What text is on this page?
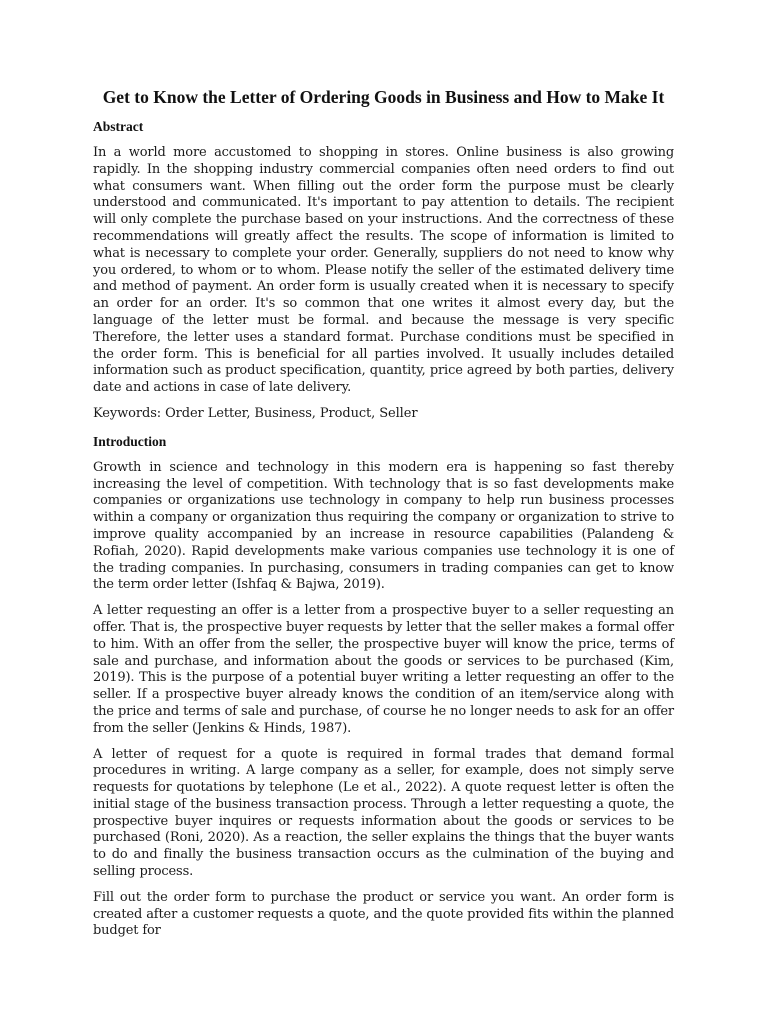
Get to Know the Letter of Ordering Goods in Business and How to Make It
Abstract

In a world more accustomed to shopping in stores. Online business is also growing rapidly. In the shopping industry commercial companies often need orders to find out what consumers want. When filling out the order form the purpose must be clearly understood and communicated. It's important to pay attention to details. The recipient will only complete the purchase based on your instructions. And the correctness of these recommendations will greatly affect the results. The scope of information is limited to what is necessary to complete your order. Generally, suppliers do not need to know why you ordered, to whom or to whom. Please notify the seller of the estimated delivery time and method of payment. An order form is usually created when it is necessary to specify an order for an order. It's so common that one writes it almost every day, but the language of the letter must be formal. and because the message is very specific Therefore, the letter uses a standard format. Purchase conditions must be specified in the order form. This is beneficial for all parties involved. It usually includes detailed information such as product specification, quantity, price agreed by both parties, delivery date and actions in case of late delivery.

Keywords: Order Letter, Business, Product, Seller

Introduction

Growth in science and technology in this modern era is happening so fast thereby increasing the level of competition. With technology that is so fast developments make companies or organizations use technology in company to help run business processes within a company or organization thus requiring the company or organization to strive to improve quality accompanied by an increase in resource capabilities (Palandeng & Rofiah, 2020). Rapid developments make various companies use technology it is one of the trading companies. In purchasing, consumers in trading companies can get to know the term order letter (Ishfaq & Bajwa, 2019).

A letter requesting an offer is a letter from a prospective buyer to a seller requesting an offer. That is, the prospective buyer requests by letter that the seller makes a formal offer to him. With an offer from the seller, the prospective buyer will know the price, terms of sale and purchase, and information about the goods or services to be purchased (Kim, 2019). This is the purpose of a potential buyer writing a letter requesting an offer to the seller. If a prospective buyer already knows the condition of an item/service along with the price and terms of sale and purchase, of course he no longer needs to ask for an offer from the seller (Jenkins & Hinds, 1987).

A letter of request for a quote is required in formal trades that demand formal procedures in writing. A large company as a seller, for example, does not simply serve requests for quotations by telephone (Le et al., 2022). A quote request letter is often the initial stage of the business transaction process. Through a letter requesting a quote, the prospective buyer inquires or requests information about the goods or services to be purchased (Roni, 2020). As a reaction, the seller explains the things that the buyer wants to do and finally the business transaction occurs as the culmination of the buying and selling process.

Fill out the order form to purchase the product or service you want. An order form is created after a customer requests a quote, and the quote provided fits within the planned budget for
